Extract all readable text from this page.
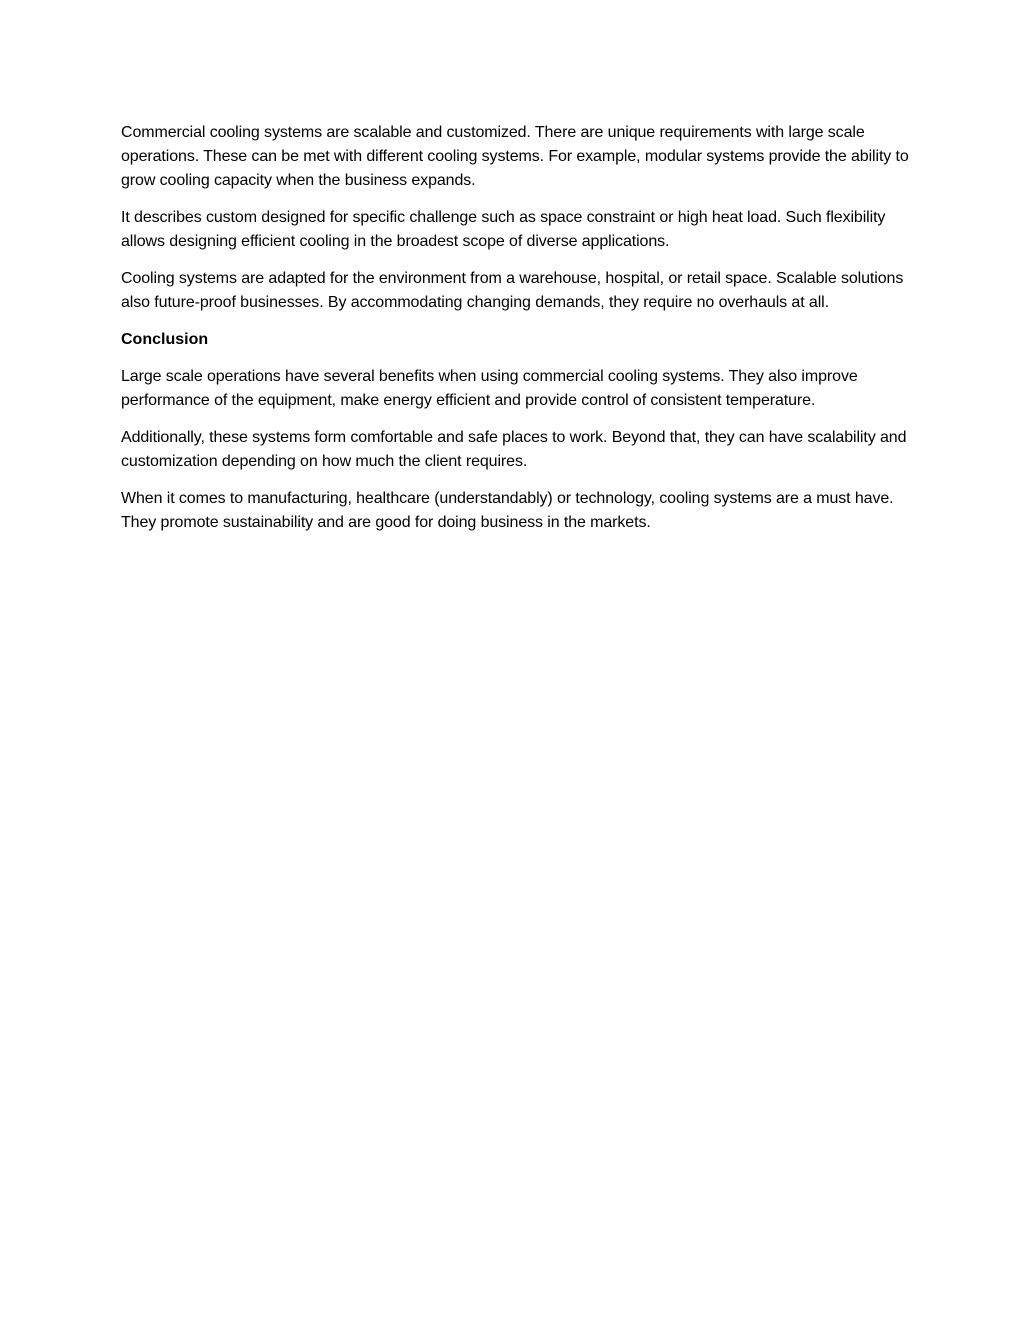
Commercial cooling systems are scalable and customized. There are unique requirements with large scale operations. These can be met with different cooling systems. For example, modular systems provide the ability to grow cooling capacity when the business expands.

It describes custom designed for specific challenge such as space constraint or high heat load. Such flexibility allows designing efficient cooling in the broadest scope of diverse applications.

Cooling systems are adapted for the environment from a warehouse, hospital, or retail space. Scalable solutions also future-proof businesses. By accommodating changing demands, they require no overhauls at all.

Conclusion

Large scale operations have several benefits when using commercial cooling systems. They also improve performance of the equipment, make energy efficient and provide control of consistent temperature.

Additionally, these systems form comfortable and safe places to work. Beyond that, they can have scalability and customization depending on how much the client requires.

When it comes to manufacturing, healthcare (understandably) or technology, cooling systems are a must have. They promote sustainability and are good for doing business in the markets.
